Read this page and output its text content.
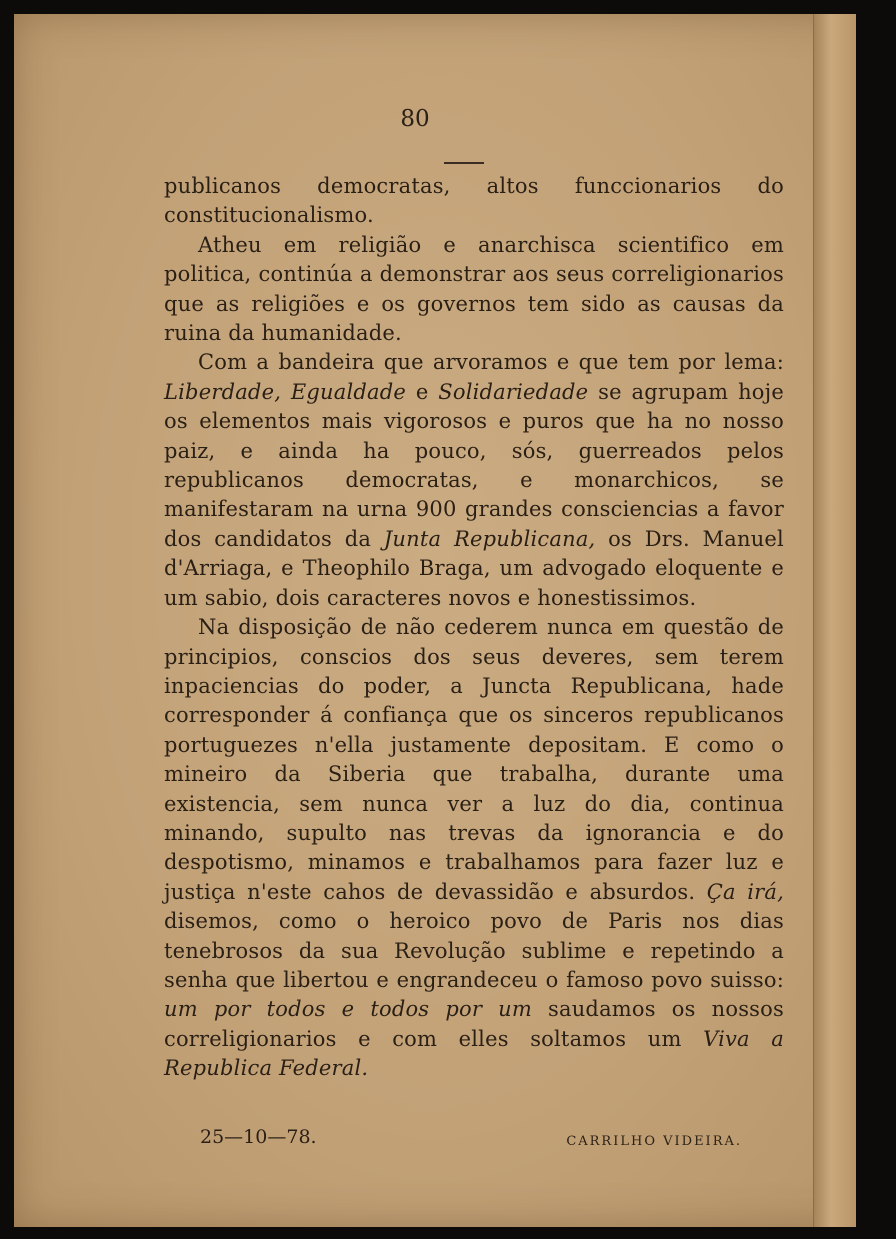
80

publicanos democratas, altos funccionarios do constitucionalismo.

Atheu em religião e anarchisca scientifico em politica, continúa a demonstrar aos seus correligionarios que as religiões e os governos tem sido as causas da ruina da humanidade.

Com a bandeira que arvoramos e que tem por lema: Liberdade, Egualdade e Solidariedade se agrupam hoje os elementos mais vigorosos e puros que ha no nosso paiz, e ainda ha pouco, sós, guerreados pelos republicanos democratas, e monarchicos, se manifestaram na urna 900 grandes consciencias a favor dos candidatos da Junta Republicana, os Drs. Manuel d'Arriaga, e Theophilo Braga, um advogado eloquente e um sabio, dois caracteres novos e honestissimos.

Na disposição de não cederem nunca em questão de principios, conscios dos seus deveres, sem terem inpaciencias do poder, a Juncta Republicana, hade corresponder á confiança que os sinceros republicanos portuguezes n'ella justamente depositam. E como o mineiro da Siberia que trabalha, durante uma existencia, sem nunca ver a luz do dia, continua minando, supulto nas trevas da ignorancia e do despotismo, minamos e trabalhamos para fazer luz e justiça n'este cahos de devassidão e absurdos. Ça irá, disemos, como o heroico povo de Paris nos dias tenebrosos da sua Revolução sublime e repetindo a senha que libertou e engrandeceu o famoso povo suisso: um por todos e todos por um saudamos os nossos correligionarios e com elles soltamos um Viva a Republica Federal.

25—10—78.	CARRILHO VIDEIRA.
